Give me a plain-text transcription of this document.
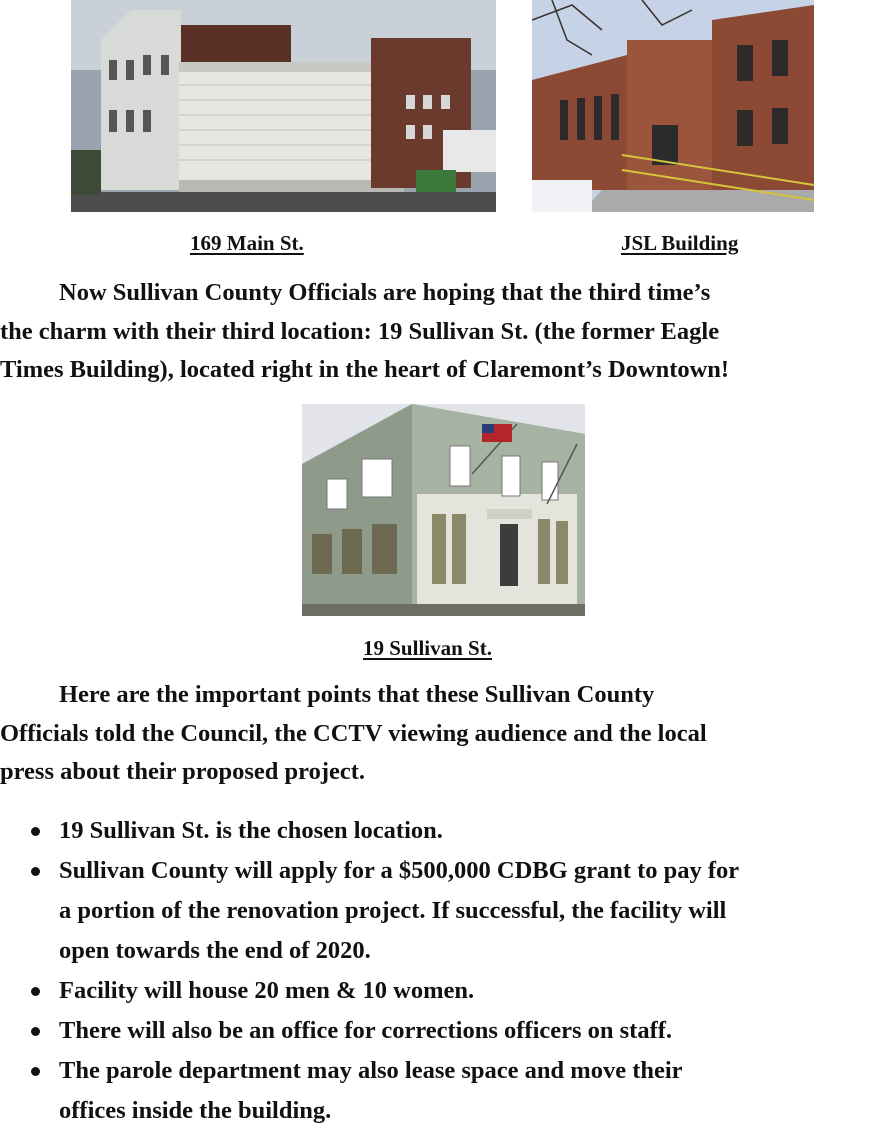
169 Main St.	JSL Building
Now Sullivan County Officials are hoping that the third time’s
the charm with their third location: 19 Sullivan St. (the former Eagle
Times Building), located right in the heart of Claremont’s Downtown!
19 Sullivan St.
Here are the important points that these Sullivan County
Officials told the Council, the CCTV viewing audience and the local
press about their proposed project.
19 Sullivan St. is the chosen location.
Sullivan County will apply for a $500,000 CDBG grant to pay for
a portion of the renovation project. If successful, the facility will
open towards the end of 2020.
Facility will house 20 men & 10 women.
There will also be an office for corrections officers on staff.
The parole department may also lease space and move their
offices inside the building.
